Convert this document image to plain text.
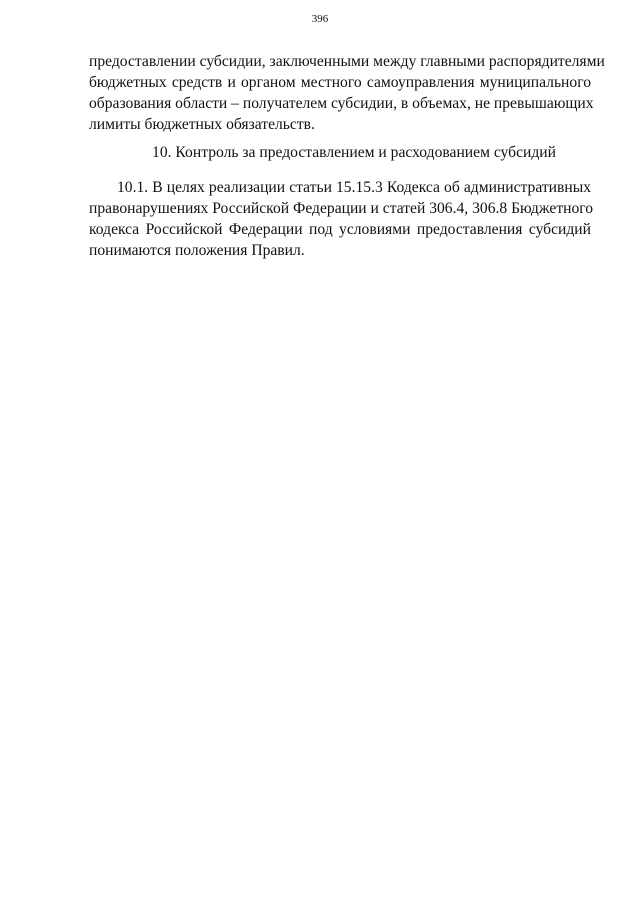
396
предоставлении субсидии, заключенными между главными распорядителями
бюджетных средств и органом местного самоуправления муниципального
образования области – получателем субсидии, в объемах, не превышающих
лимиты бюджетных обязательств.
10. Контроль за предоставлением и расходованием субсидий
10.1. В целях реализации статьи 15.15.3 Кодекса об административных
правонарушениях Российской Федерации и статей 306.4, 306.8 Бюджетного
кодекса Российской Федерации под условиями предоставления субсидий
понимаются положения Правил.
